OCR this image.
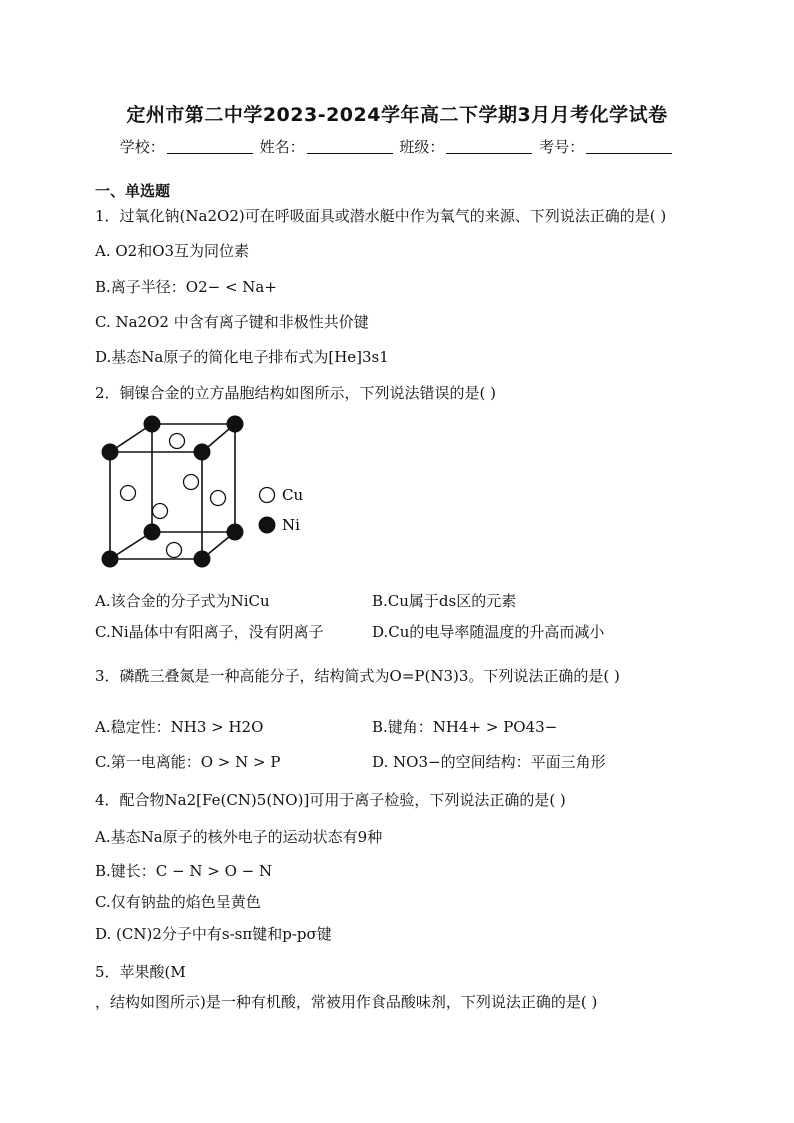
定州市第二中学2023-2024学年高二下学期3月月考化学试卷
学校：	姓名：	班级：	考号：
一、单选题
1．过氧化钠(Na2O2)可在呼吸面具或潜水艇中作为氧气的来源、下列说法正确的是( )
A. O2和O3互为同位素
B.离子半径：O2− < Na+
C. Na2O2 中含有离子键和非极性共价键
D.基态Na原子的简化电子排布式为[He]3s1
2．铜镍合金的立方晶胞结构如图所示，下列说法错误的是( )
Cu
Ni
A.该合金的分子式为NiCu	B.Cu属于ds区的元素
C.Ni晶体中有阳离子，没有阴离子	D.Cu的电导率随温度的升高而减小
3．磷酰三叠氮是一种高能分子，结构简式为O=P(N3)3。下列说法正确的是( )
A.稳定性：NH3 > H2O	B.键角：NH4+ > PO43−
C.第一电离能：O > N > P	D. NO3−的空间结构：平面三角形
4．配合物Na2[Fe(CN)5(NO)]可用于离子检验，下列说法正确的是( )
A.基态Na原子的核外电子的运动状态有9种
B.键长：C − N > O − N
C.仅有钠盐的焰色呈黄色
D. (CN)2分子中有s-sπ键和p-pσ键
5．苹果酸(M
，结构如图所示)是一种有机酸，常被用作食品酸味剂，下列说法正确的是( )
